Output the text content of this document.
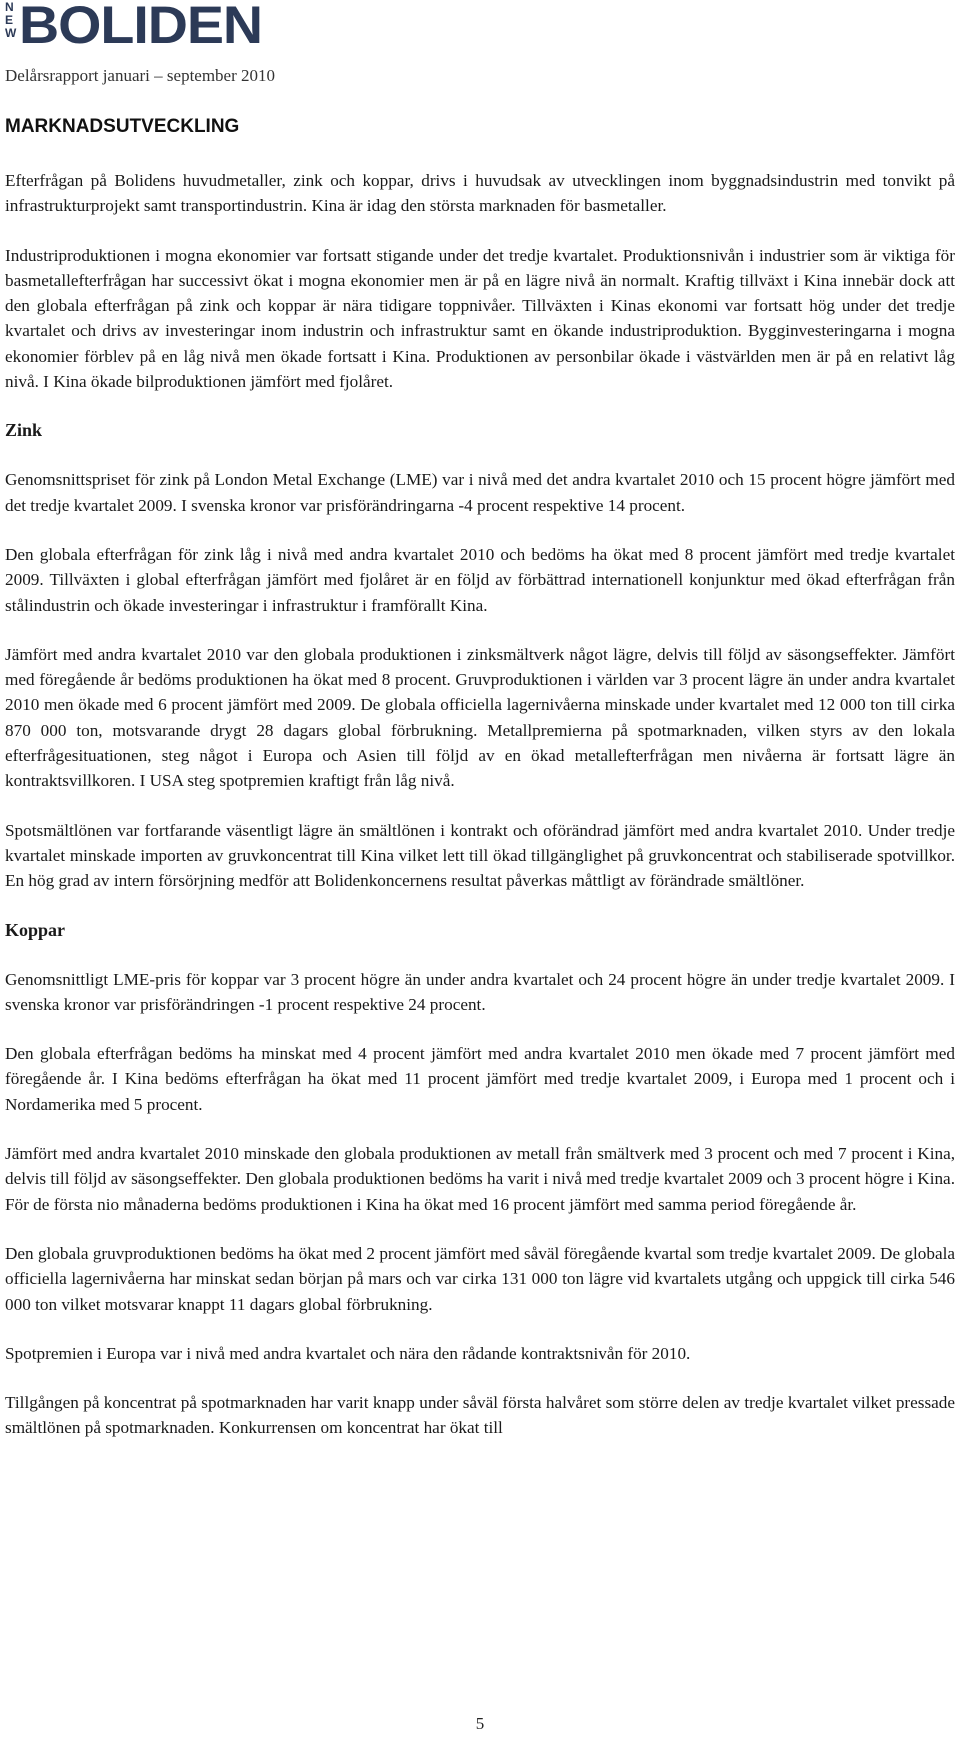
N
E
W BOLIDEN
Delårsrapport januari – september 2010
MARKNADSUTVECKLING

Efterfrågan på Bolidens huvudmetaller, zink och koppar, drivs i huvudsak av utvecklingen inom byggnadsindustrin med tonvikt på infrastrukturprojekt samt transportindustrin. Kina är idag den största marknaden för basmetaller.

Industriproduktionen i mogna ekonomier var fortsatt stigande under det tredje kvartalet. Produktionsnivån i industrier som är viktiga för basmetallefterfrågan har successivt ökat i mogna ekonomier men är på en lägre nivå än normalt. Kraftig tillväxt i Kina innebär dock att den globala efterfrågan på zink och koppar är nära tidigare toppnivåer. Tillväxten i Kinas ekonomi var fortsatt hög under det tredje kvartalet och drivs av investeringar inom industrin och infrastruktur samt en ökande industriproduktion. Bygginvesteringarna i mogna ekonomier förblev på en låg nivå men ökade fortsatt i Kina. Produktionen av personbilar ökade i västvärlden men är på en relativt låg nivå. I Kina ökade bilproduktionen jämfört med fjolåret.

Zink

Genomsnittspriset för zink på London Metal Exchange (LME) var i nivå med det andra kvartalet 2010 och 15 procent högre jämfört med det tredje kvartalet 2009. I svenska kronor var prisförändringarna -4 procent respektive 14 procent.

Den globala efterfrågan för zink låg i nivå med andra kvartalet 2010 och bedöms ha ökat med 8 procent jämfört med tredje kvartalet 2009. Tillväxten i global efterfrågan jämfört med fjolåret är en följd av förbättrad internationell konjunktur med ökad efterfrågan från stålindustrin och ökade investeringar i infrastruktur i framförallt Kina.

Jämfört med andra kvartalet 2010 var den globala produktionen i zinksmältverk något lägre, delvis till följd av säsongseffekter. Jämfört med föregående år bedöms produktionen ha ökat med 8 procent. Gruvproduktionen i världen var 3 procent lägre än under andra kvartalet 2010 men ökade med 6 procent jämfört med 2009. De globala officiella lagernivåerna minskade under kvartalet med 12 000 ton till cirka 870 000 ton, motsvarande drygt 28 dagars global förbrukning. Metallpremierna på spotmarknaden, vilken styrs av den lokala efterfrågesituationen, steg något i Europa och Asien till följd av en ökad metallefterfrågan men nivåerna är fortsatt lägre än kontraktsvillkoren. I USA steg spotpremien kraftigt från låg nivå.

Spotsmältlönen var fortfarande väsentligt lägre än smältlönen i kontrakt och oförändrad jämfört med andra kvartalet 2010. Under tredje kvartalet minskade importen av gruvkoncentrat till Kina vilket lett till ökad tillgänglighet på gruvkoncentrat och stabiliserade spotvillkor. En hög grad av intern försörjning medför att Bolidenkoncernens resultat påverkas måttligt av förändrade smältlöner.

Koppar

Genomsnittligt LME-pris för koppar var 3 procent högre än under andra kvartalet och 24 procent högre än under tredje kvartalet 2009. I svenska kronor var prisförändringen -1 procent respektive 24 procent.

Den globala efterfrågan bedöms ha minskat med 4 procent jämfört med andra kvartalet 2010 men ökade med 7 procent jämfört med föregående år. I Kina bedöms efterfrågan ha ökat med 11 procent jämfört med tredje kvartalet 2009, i Europa med 1 procent och i Nordamerika med 5 procent.

Jämfört med andra kvartalet 2010 minskade den globala produktionen av metall från smältverk med 3 procent och med 7 procent i Kina, delvis till följd av säsongseffekter. Den globala produktionen bedöms ha varit i nivå med tredje kvartalet 2009 och 3 procent högre i Kina. För de första nio månaderna bedöms produktionen i Kina ha ökat med 16 procent jämfört med samma period föregående år.

Den globala gruvproduktionen bedöms ha ökat med 2 procent jämfört med såväl föregående kvartal som tredje kvartalet 2009. De globala officiella lagernivåerna har minskat sedan början på mars och var cirka 131 000 ton lägre vid kvartalets utgång och uppgick till cirka 546 000 ton vilket motsvarar knappt 11 dagars global förbrukning.

Spotpremien i Europa var i nivå med andra kvartalet och nära den rådande kontraktsnivån för 2010.

Tillgången på koncentrat på spotmarknaden har varit knapp under såväl första halvåret som större delen av tredje kvartalet vilket pressade smältlönen på spotmarknaden. Konkurrensen om koncentrat har ökat till

5
